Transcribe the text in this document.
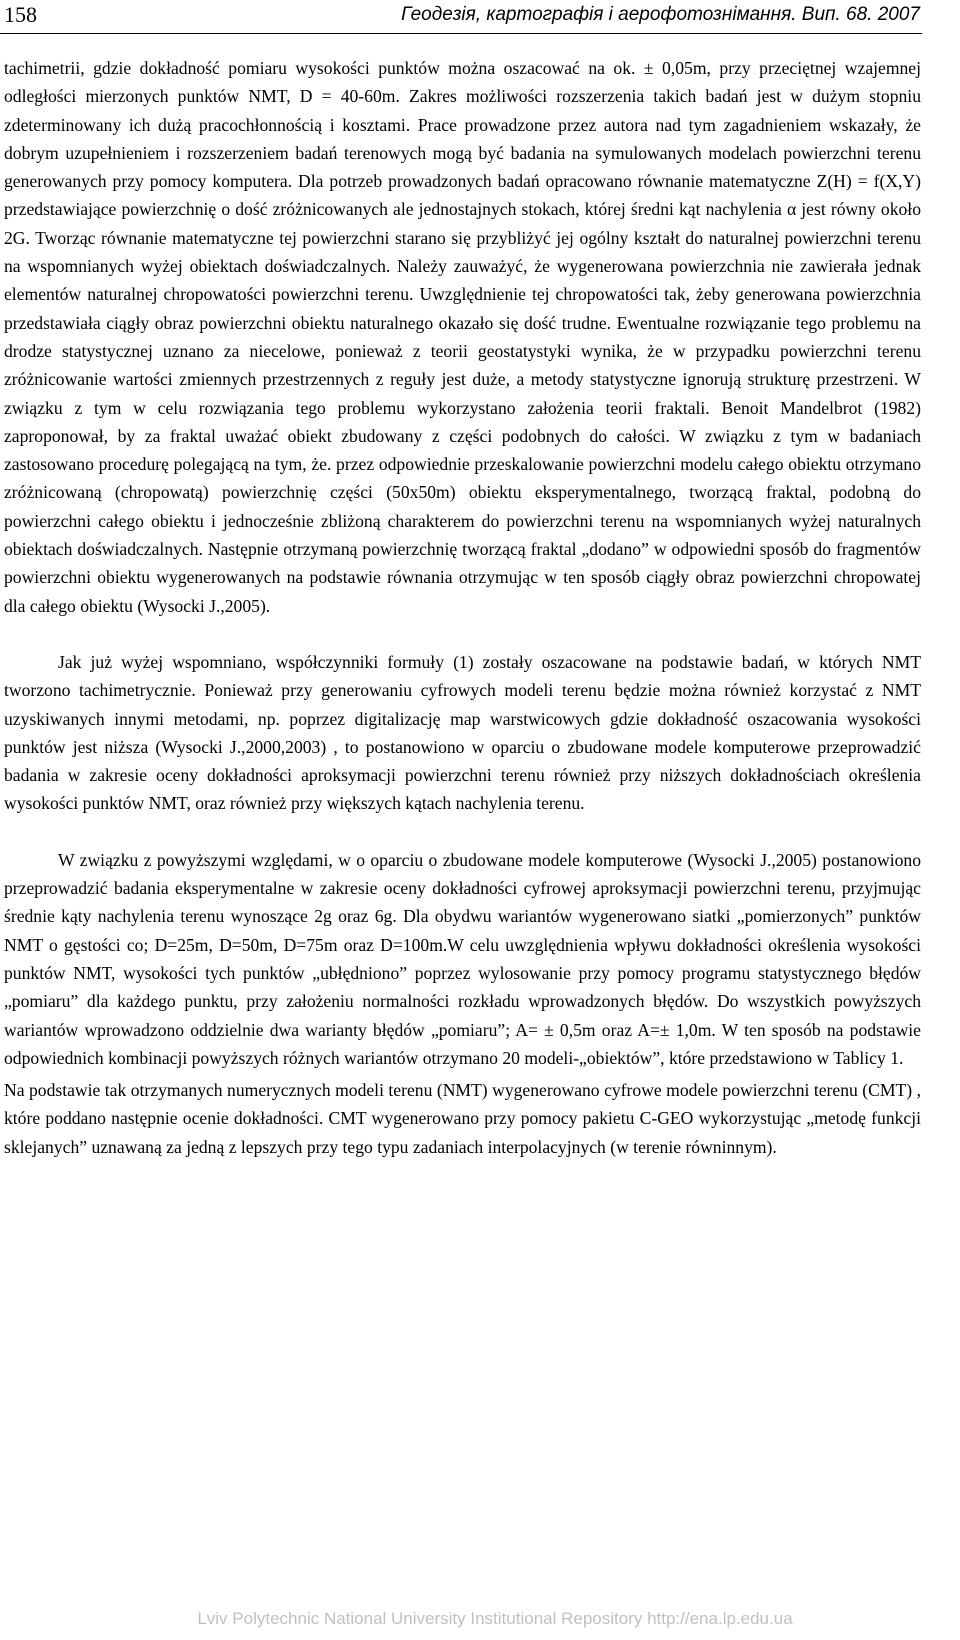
158	Геодезія, картографія і аерофотознімання. Вип. 68. 2007

tachimetrii, gdzie dokładność pomiaru wysokości punktów można oszacować na ok. ± 0,05m, przy przeciętnej wzajemnej odległości mierzonych punktów NMT, D = 40-60m. Zakres możliwości rozszerzenia takich badań jest w dużym stopniu zdeterminowany ich dużą pracochłonnością i kosztami. Prace prowadzone przez autora nad tym zagadnieniem wskazały, że dobrym uzupełnieniem i rozszerzeniem badań terenowych mogą być badania na symulowanych modelach powierzchni terenu generowanych przy pomocy komputera. Dla potrzeb prowadzonych badań opracowano równanie matematyczne Z(H) = f(X,Y) przedstawiające powierzchnię o dość zróżnicowanych ale jednostajnych stokach, której średni kąt nachylenia α jest równy około 2G. Tworząc równanie matematyczne tej powierzchni starano się przybliżyć jej ogólny kształt do naturalnej powierzchni terenu na wspomnianych wyżej obiektach doświadczalnych. Należy zauważyć, że wygenerowana powierzchnia nie zawierała jednak elementów naturalnej chropowatości powierzchni terenu. Uwzględnienie tej chropowatości tak, żeby generowana powierzchnia przedstawiała ciągły obraz powierzchni obiektu naturalnego okazało się dość trudne. Ewentualne rozwiązanie tego problemu na drodze statystycznej uznano za niecelowe, ponieważ z teorii geostatystyki wynika, że w przypadku powierzchni terenu zróżnicowanie wartości zmiennych przestrzennych z reguły jest duże, a metody statystyczne ignorują strukturę przestrzeni. W związku z tym w celu rozwiązania tego problemu wykorzystano założenia teorii fraktali. Benoit Mandelbrot (1982) zaproponował, by za fraktal uważać obiekt zbudowany z części podobnych do całości. W związku z tym w badaniach zastosowano procedurę polegającą na tym, że. przez odpowiednie przeskalowanie powierzchni modelu całego obiektu otrzymano zróżnicowaną (chropowatą) powierzchnię części (50x50m) obiektu eksperymentalnego, tworzącą fraktal, podobną do powierzchni całego obiektu i jednocześnie zbliżoną charakterem do powierzchni terenu na wspomnianych wyżej naturalnych obiektach doświadczalnych. Następnie otrzymaną powierzchnię tworzącą fraktal „dodano” w odpowiedni sposób do fragmentów powierzchni obiektu wygenerowanych na podstawie równania otrzymując w ten sposób ciągły obraz powierzchni chropowatej dla całego obiektu (Wysocki J.,2005).

Jak już wyżej wspomniano, współczynniki formuły (1) zostały oszacowane na podstawie badań, w których NMT tworzono tachimetrycznie. Ponieważ przy generowaniu cyfrowych modeli terenu będzie można również korzystać z NMT uzyskiwanych innymi metodami, np. poprzez digitalizację map warstwicowych gdzie dokładność oszacowania wysokości punktów jest niższa (Wysocki J.,2000,2003) , to postanowiono w oparciu o zbudowane modele komputerowe przeprowadzić badania w zakresie oceny dokładności aproksymacji powierzchni terenu również przy niższych dokładnościach określenia wysokości punktów NMT, oraz również przy większych kątach nachylenia terenu.

W związku z powyższymi względami, w o oparciu o zbudowane modele komputerowe (Wysocki J.,2005) postanowiono przeprowadzić badania eksperymentalne w zakresie oceny dokładności cyfrowej aproksymacji powierzchni terenu, przyjmując średnie kąty nachylenia terenu wynoszące 2g oraz 6g. Dla obydwu wariantów wygenerowano siatki „pomierzonych” punktów NMT o gęstości co; D=25m, D=50m, D=75m oraz D=100m.W celu uwzględnienia wpływu dokładności określenia wysokości punktów NMT, wysokości tych punktów „ubłędniono” poprzez wylosowanie przy pomocy programu statystycznego błędów „pomiaru” dla każdego punktu, przy założeniu normalności rozkładu wprowadzonych błędów. Do wszystkich powyższych wariantów wprowadzono oddzielnie dwa warianty błędów „pomiaru”; A= ± 0,5m oraz A=± 1,0m. W ten sposób na podstawie odpowiednich kombinacji powyższych różnych wariantów otrzymano 20 modeli-„obiektów”, które przedstawiono w Tablicy 1.

Na podstawie tak otrzymanych numerycznych modeli terenu (NMT) wygenerowano cyfrowe modele powierzchni terenu (CMT) , które poddano następnie ocenie dokładności. CMT wygenerowano przy pomocy pakietu C-GEO wykorzystując „metodę funkcji sklejanych” uznawaną za jedną z lepszych przy tego typu zadaniach interpolacyjnych (w terenie równinnym).

Lviv Polytechnic National University Institutional Repository http://ena.lp.edu.ua
